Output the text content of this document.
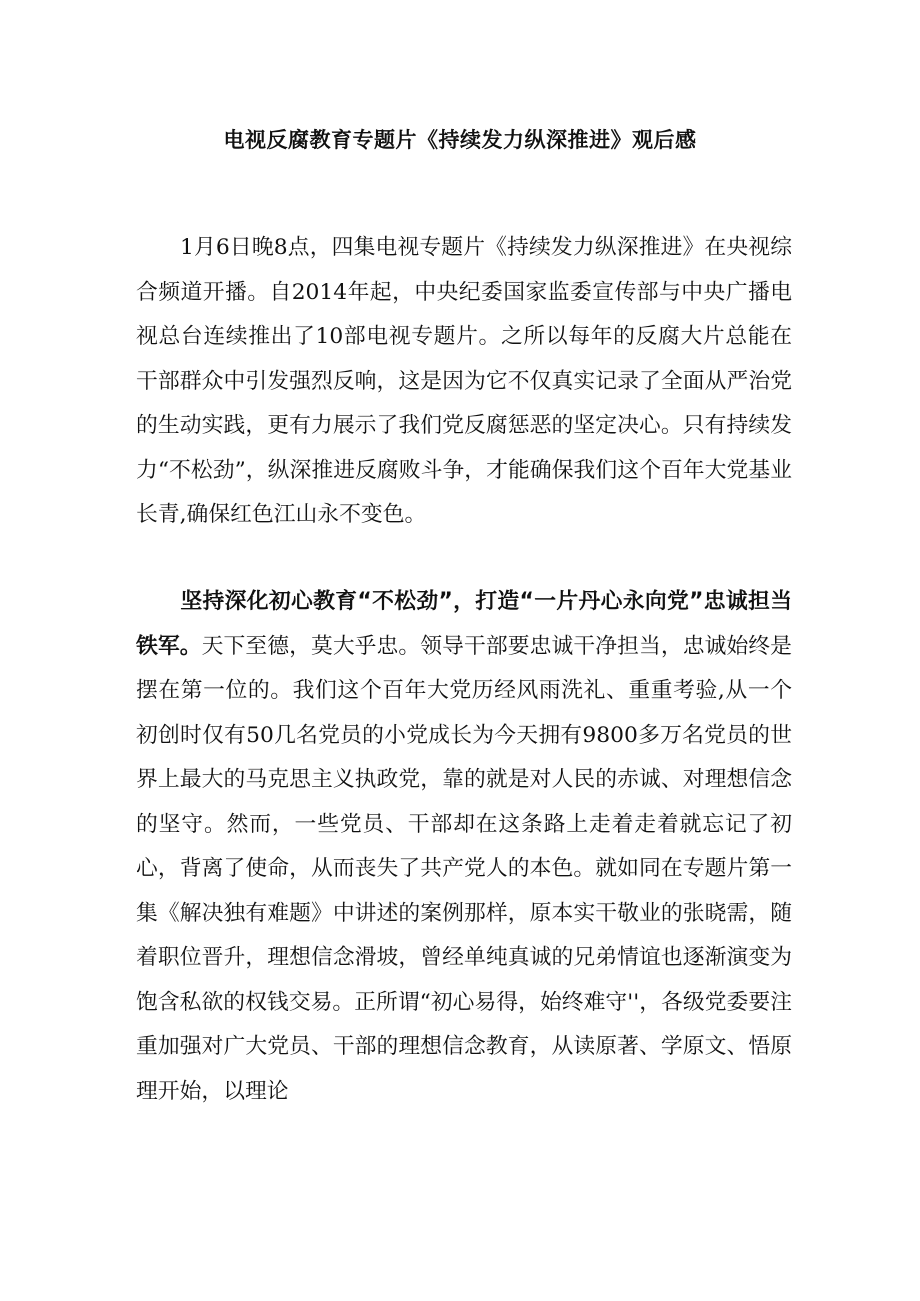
电视反腐教育专题片《持续发力纵深推进》观后感
1月6日晚8点，四集电视专题片《持续发力纵深推进》在央视综合频道开播。自2014年起，中央纪委国家监委宣传部与中央广播电视总台连续推出了10部电视专题片。之所以每年的反腐大片总能在干部群众中引发强烈反响，这是因为它不仅真实记录了全面从严治党的生动实践，更有力展示了我们党反腐惩恶的坚定决心。只有持续发力“不松劲”，纵深推进反腐败斗争，才能确保我们这个百年大党基业长青,确保红色江山永不变色。
坚持深化初心教育“不松劲”，打造“一片丹心永向党”忠诚担当铁军。天下至德，莫大乎忠。领导干部要忠诚干净担当，忠诚始终是摆在第一位的。我们这个百年大党历经风雨洗礼、重重考验,从一个初创时仅有50几名党员的小党成长为今天拥有9800多万名党员的世界上最大的马克思主义执政党，靠的就是对人民的赤诚、对理想信念的坚守。然而，一些党员、干部却在这条路上走着走着就忘记了初心，背离了使命，从而丧失了共产党人的本色。就如同在专题片第一集《解决独有难题》中讲述的案例那样，原本实干敬业的张晓需，随着职位晋升，理想信念滑坡，曾经单纯真诚的兄弟情谊也逐渐演变为饱含私欲的权钱交易。正所谓“初心易得，始终难守''，各级党委要注重加强对广大党员、干部的理想信念教育，从读原著、学原文、悟原理开始，以理论
